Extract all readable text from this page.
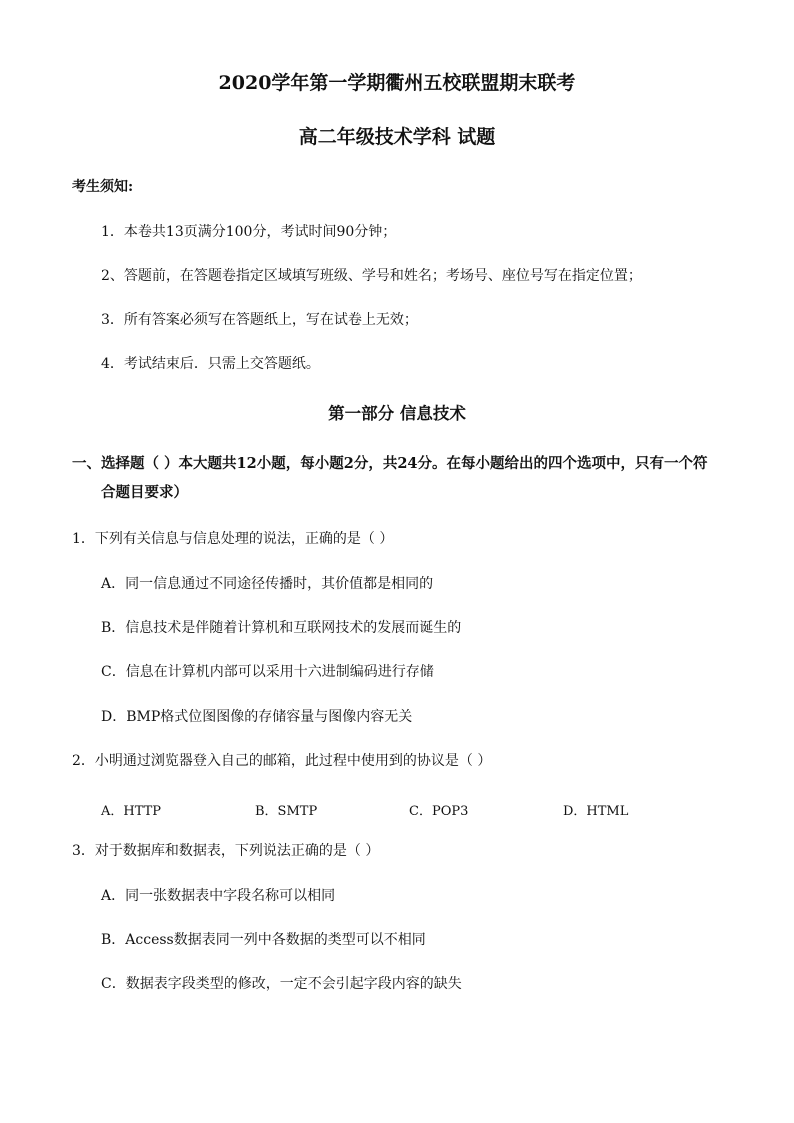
2020学年第一学期衢州五校联盟期末联考
高二年级技术学科 试题
考生须知:
1．本卷共13页满分100分，考试时间90分钟；
2、答题前，在答题卷指定区域填写班级、学号和姓名；考场号、座位号写在指定位置；
3．所有答案必须写在答题纸上，写在试卷上无效；
4．考试结束后．只需上交答题纸。
第一部分 信息技术
一、选择题（ ）本大题共12小题，每小题2分，共24分。在每小题给出的四个选项中，只有一个符
合题目要求）
1．下列有关信息与信息处理的说法，正确的是（ ）
A．同一信息通过不同途径传播时，其价值都是相同的
B．信息技术是伴随着计算机和互联网技术的发展而诞生的
C．信息在计算机内部可以采用十六进制编码进行存储
D．BMP格式位图图像的存储容量与图像内容无关
2．小明通过浏览器登入自己的邮箱，此过程中使用到的协议是（ ）
A．HTTP	B．SMTP	C．POP3	D．HTML
3．对于数据库和数据表，下列说法正确的是（ ）
A．同一张数据表中字段名称可以相同
B．Access数据表同一列中各数据的类型可以不相同
C．数据表字段类型的修改，一定不会引起字段内容的缺失
